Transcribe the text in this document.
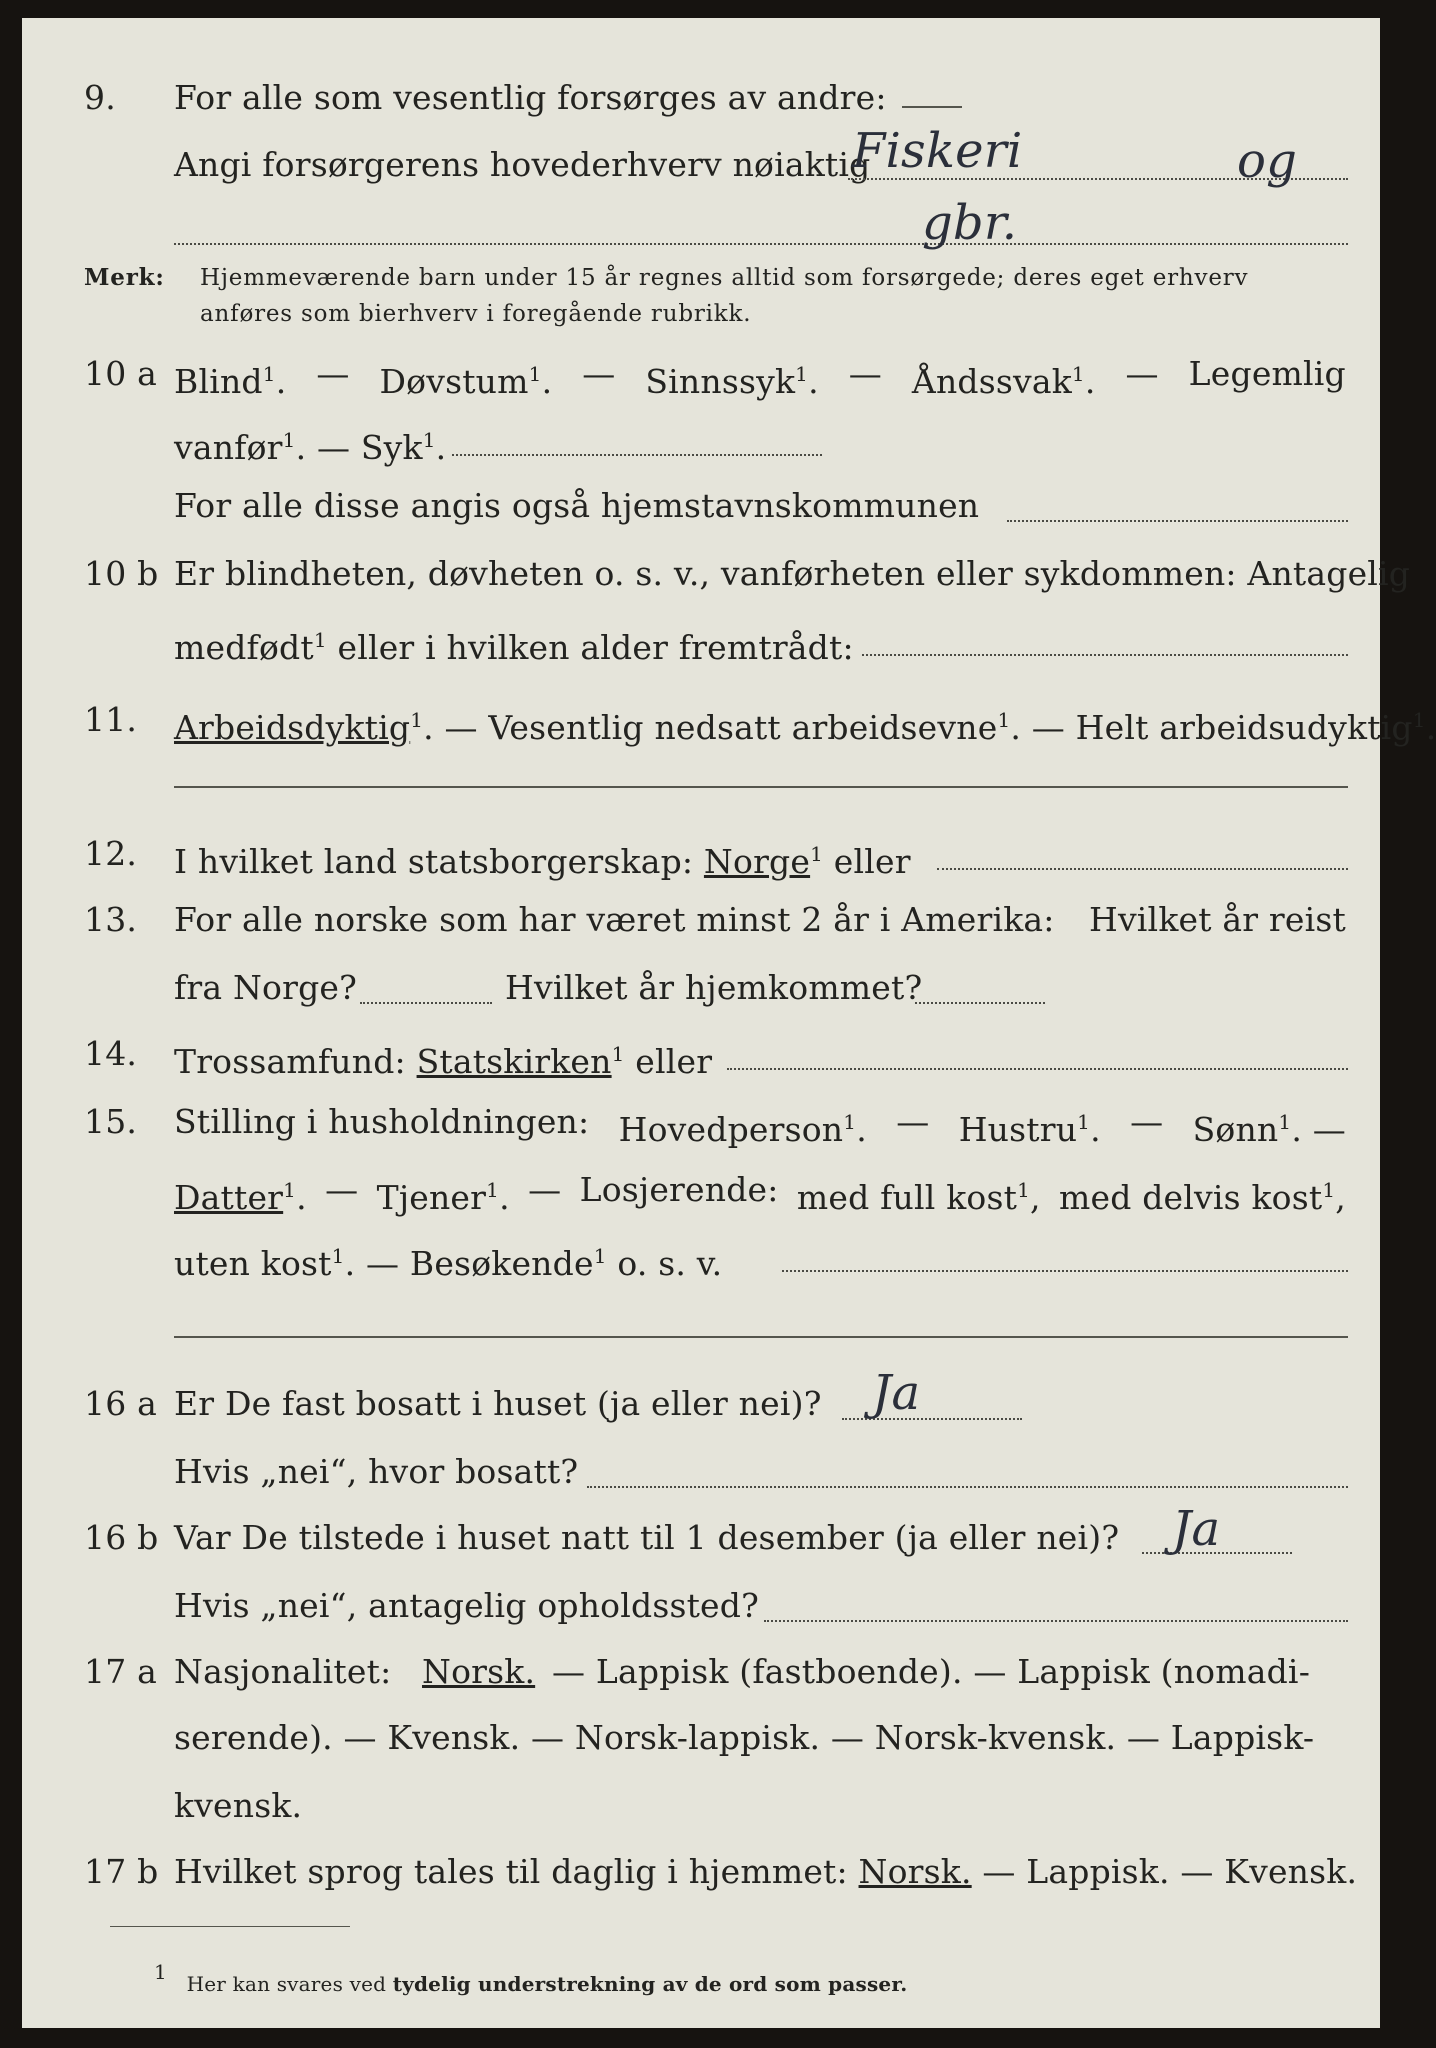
9. For alle som vesentlig forsørges av andre:
Angi forsørgerens hovederhverv nøiaktig
Fiskeri	og
gbr.
Merk: Hjemmeværende barn under 15 år regnes alltid som forsørgede; deres eget erhverv
anføres som bierhverv i foregående rubrikk.
10 a Blind$^1$. — Døvstum$^1$. — Sinnssyk$^1$. — Åndssvak$^1$. — Legemlig
vanfør$^1$. — Syk$^1$.
For alle disse angis også hjemstavnskommunen
10 b Er blindheten, døvheten o. s. v., vanførheten eller sykdommen: Antagelig
medfødt$^1$ eller i hvilken alder fremtrådt:
11. Arbeidsdyktig$^1$. — Vesentlig nedsatt arbeidsevne$^1$. — Helt arbeidsudyktig$^1$.
12. I hvilket land statsborgerskap: Norge$^1$ eller
13. For alle norske som har været minst 2 år i Amerika: Hvilket år reist
fra Norge?	Hvilket år hjemkommet?
14. Trossamfund: Statskirken$^1$ eller
15. Stilling i husholdningen: Hovedperson$^1$. — Hustru$^1$. — Sønn$^1$. —
Datter$^1$. — Tjener$^1$. — Losjerende: med full kost$^1$, med delvis kost$^1$,
uten kost$^1$. — Besøkende$^1$ o. s. v.
16 a Er De fast bosatt i huset (ja eller nei)? Ja
Hvis „nei“, hvor bosatt?
16 b Var De tilstede i huset natt til 1 desember (ja eller nei)? Ja
Hvis „nei“, antagelig opholdssted?
17 a Nasjonalitet: Norsk. — Lappisk (fastboende). — Lappisk (nomadi-
serende). — Kvensk. — Norsk-lappisk. — Norsk-kvensk. — Lappisk-
kvensk.
17 b Hvilket sprog tales til daglig i hjemmet: Norsk. — Lappisk. — Kvensk.
1 Her kan svares ved tydelig understrekning av de ord som passer.
